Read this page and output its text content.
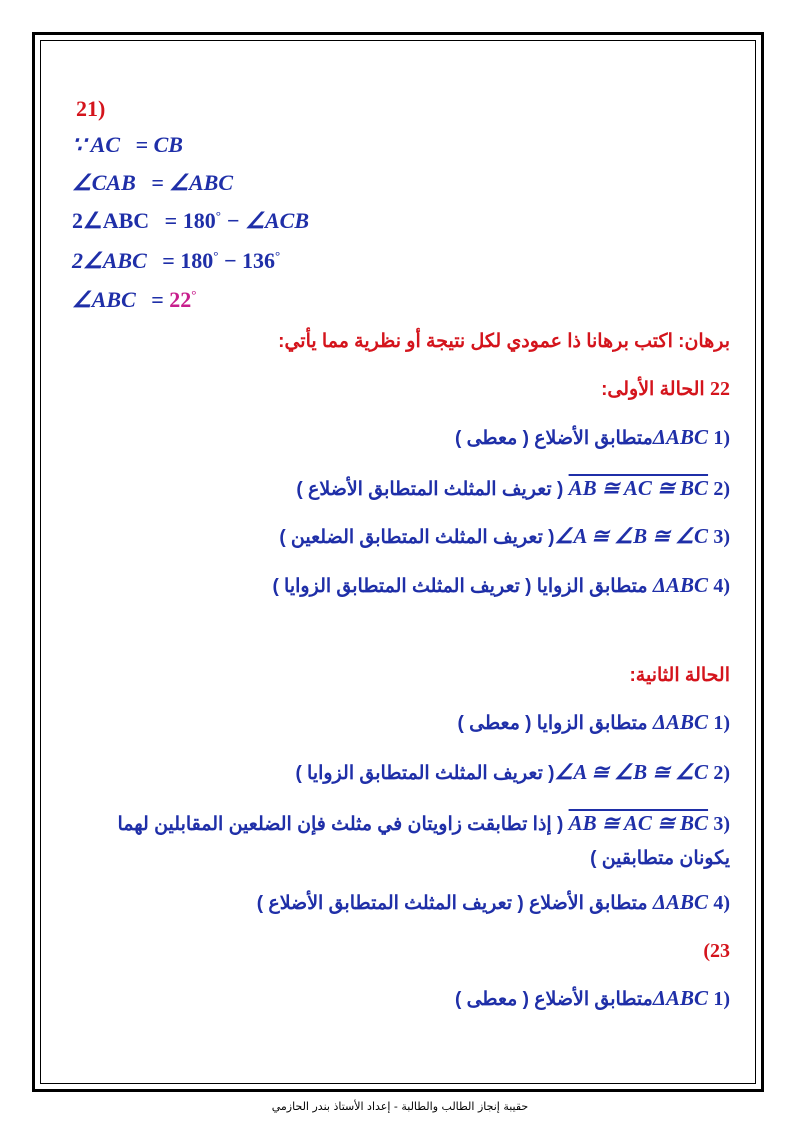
21)
∵ AC = CB
∠CAB = ∠ABC
2∠ABC = 180° − ∠ACB
2∠ABC = 180° − 136°
∠ABC = 22°
برهان: اكتب برهانا ذا عمودي لكل نتيجة أو نظرية مما يأتي:
22 الحالة الأولى:
1) ΔABCمتطابق الأضلاع ( معطى )
2) AB ≅ AC ≅ BC ( تعريف المثلث المتطابق الأضلاع )
3) ∠A ≅ ∠B ≅ ∠C( تعريف المثلث المتطابق الضلعين )
4) ΔABC متطابق الزوايا ( تعريف المثلث المتطابق الزوايا )
الحالة الثانية:
1) ΔABC متطابق الزوايا ( معطى )
2) ∠A ≅ ∠B ≅ ∠C( تعريف المثلث المتطابق الزوايا )
3) AB ≅ AC ≅ BC ( إذا تطابقت زاويتان في مثلث فإن الضلعين المقابلين لهما يكونان متطابقين )
4) ΔABC متطابق الأضلاع ( تعريف المثلث المتطابق الأضلاع )
(23
1) ΔABCمتطابق الأضلاع ( معطى )
حقيبة إنجاز الطالب والطالبة - إعداد الأستاذ بندر الحازمي
